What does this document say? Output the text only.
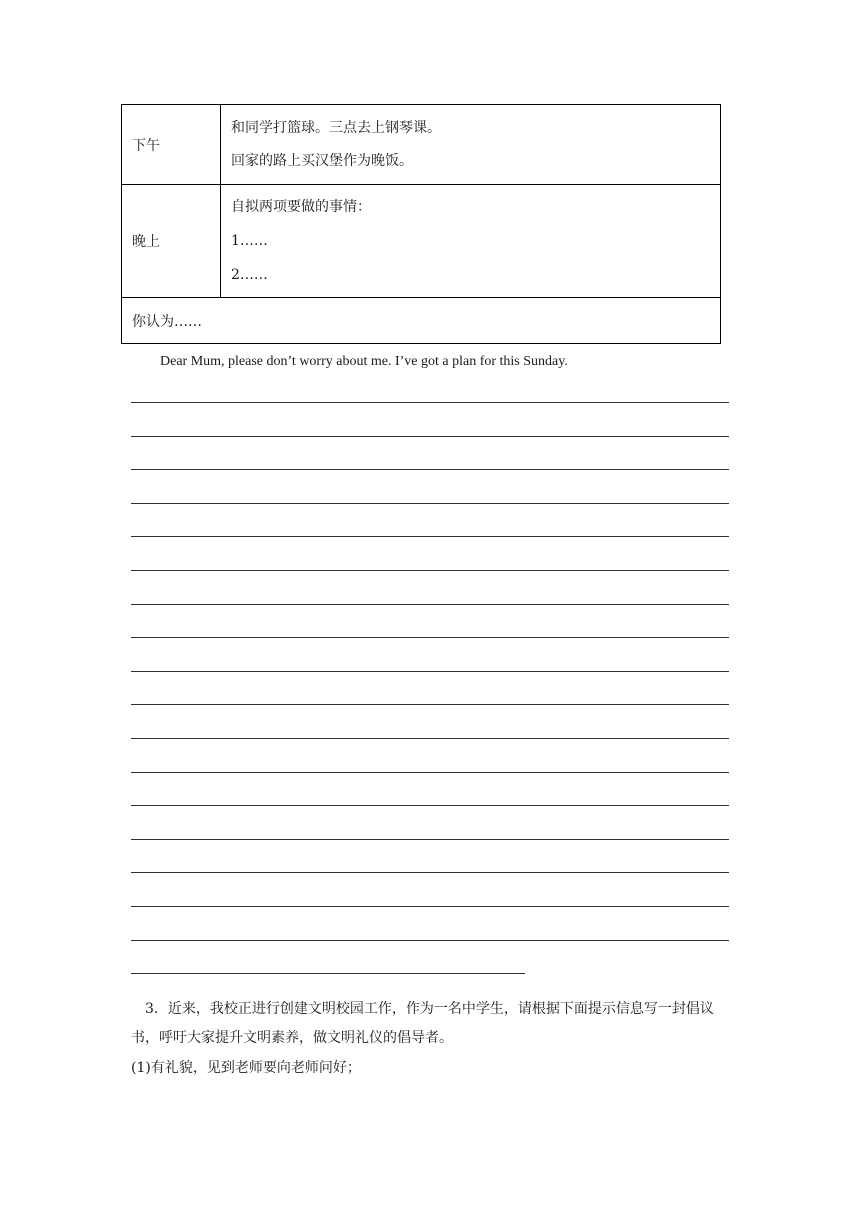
下午	和同学打篮球。三点去上钢琴课。
回家的路上买汉堡作为晚饭。

晚上	自拟两项要做的事情：
1……
2……

你认为……	
Dear Mum, please don’t worry about me. I’ve got a plan for this Sunday.
3．近来，我校正进行创建文明校园工作，作为一名中学生，请根据下面提示信息写一封倡议书，呼吁大家提升文明素养，做文明礼仪的倡导者。
(1)有礼貌，见到老师要向老师问好；
